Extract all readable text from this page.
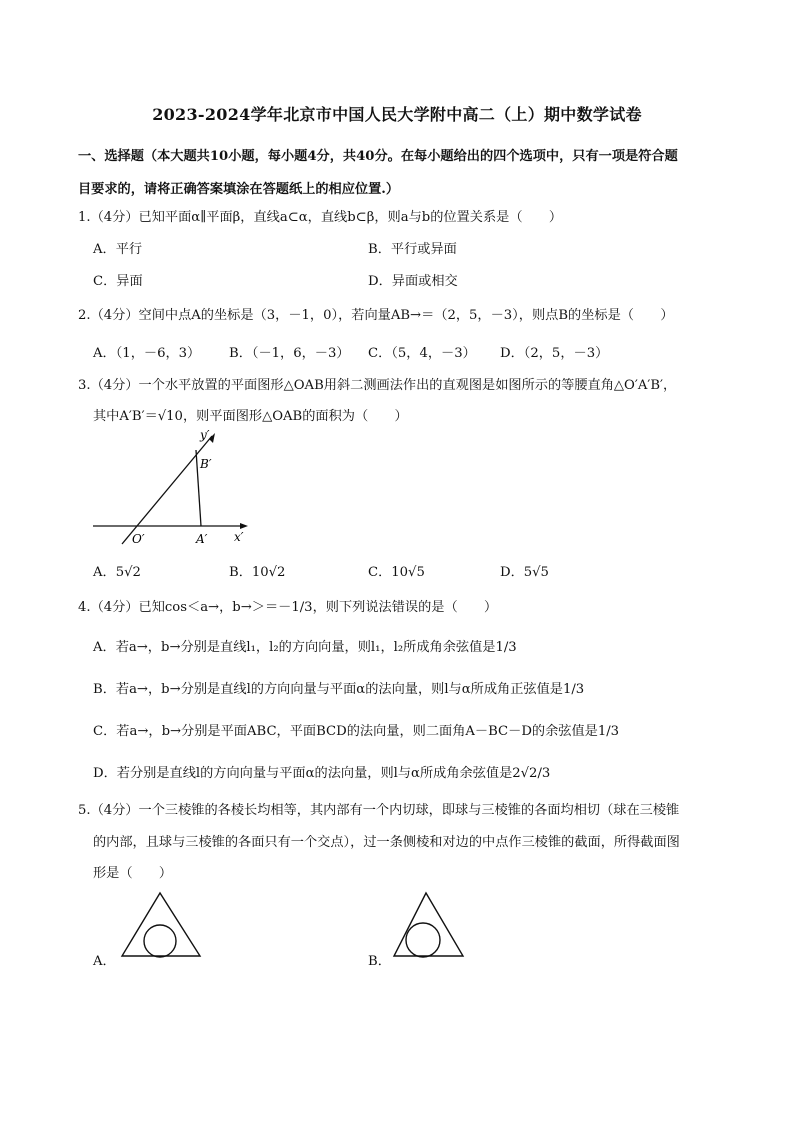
2023-2024学年北京市中国人民大学附中高二（上）期中数学试卷
一、选择题（本大题共10小题，每小题4分，共40分。在每小题给出的四个选项中，只有一项是符合题
目要求的，请将正确答案填涂在答题纸上的相应位置.）
1.（4分）已知平面α∥平面β，直线a⊂α，直线b⊂β，则a与b的位置关系是（　　）
A．平行	B．平行或异面
C．异面	D．异面或相交
2.（4分）空间中点A的坐标是（3，－1，0），若向量AB→＝（2，5，－3），则点B的坐标是（　　）
A．（1，－6，3） B．（－1，6，－3） C．（5，4，－3） D．（2，5，－3）
3.（4分）一个水平放置的平面图形△OAB用斜二测画法作出的直观图是如图所示的等腰直角△O′A′B′，
其中A′B′＝√10，则平面图形△OAB的面积为（　　）
y′
B′
O′	A′ x′
A．5√2	B．10√2	C．10√5	D．5√5
4.（4分）已知cos＜a→，b→＞＝－1/3，则下列说法错误的是（　　）
A．若a→，b→分别是直线l₁，l₂的方向向量，则l₁，l₂所成角余弦值是1/3
B．若a→，b→分别是直线l的方向向量与平面α的法向量，则l与α所成角正弦值是1/3
C．若a→，b→分别是平面ABC，平面BCD的法向量，则二面角A－BC－D的余弦值是1/3
D．若分别是直线l的方向向量与平面α的法向量，则l与α所成角余弦值是2√2/3
5.（4分）一个三棱锥的各棱长均相等，其内部有一个内切球，即球与三棱锥的各面均相切（球在三棱锥
的内部，且球与三棱锥的各面只有一个交点），过一条侧棱和对边的中点作三棱锥的截面，所得截面图
形是（　　）
A．	B．
